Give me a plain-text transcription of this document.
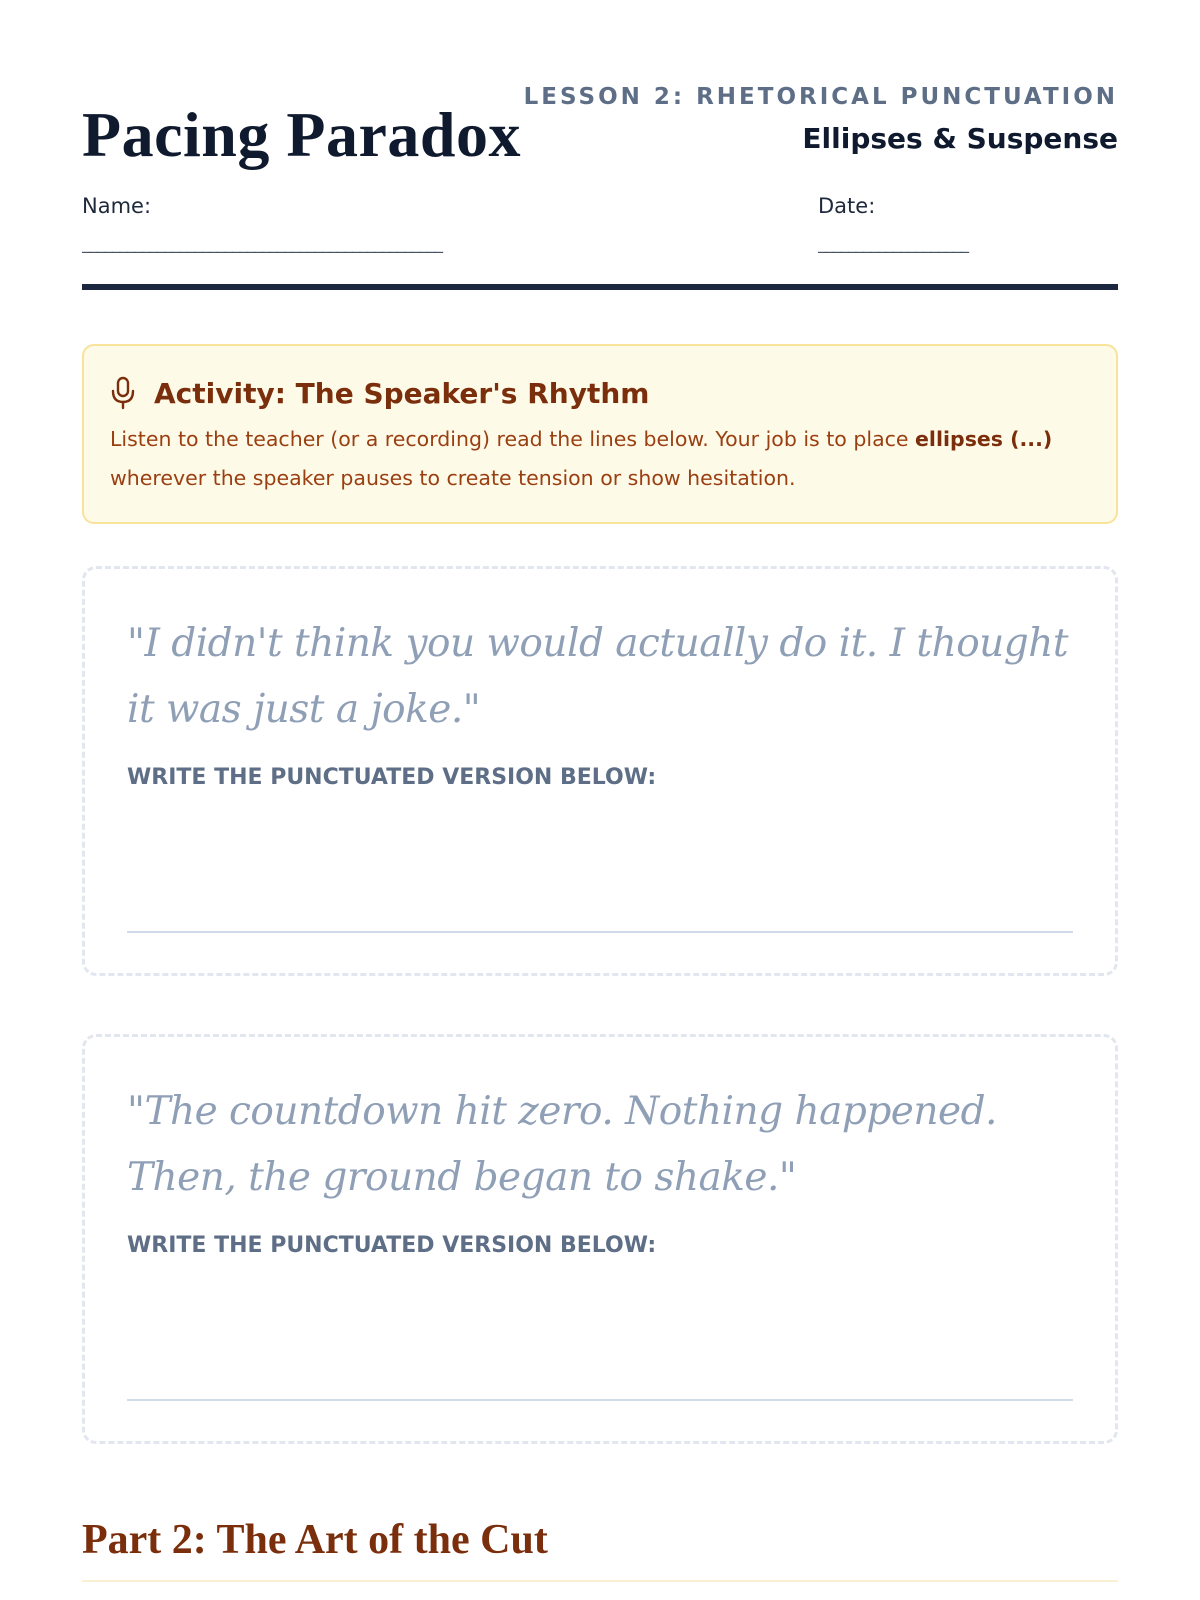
Pacing Paradox
LESSON 2: RHETORICAL PUNCTUATION
Ellipses & Suspense
Name:
________________________________________________
Date:
____________________
Activity: The Speaker's Rhythm

Listen to the teacher (or a recording) read the lines below. Your job is to place ellipses (...) wherever the speaker pauses to create tension or show hesitation.

"I didn't think you would actually do it. I thought it was just a joke."

WRITE THE PUNCTUATED VERSION BELOW:

"The countdown hit zero. Nothing happened. Then, the ground began to shake."

WRITE THE PUNCTUATED VERSION BELOW:
Part 2: The Art of the Cut
